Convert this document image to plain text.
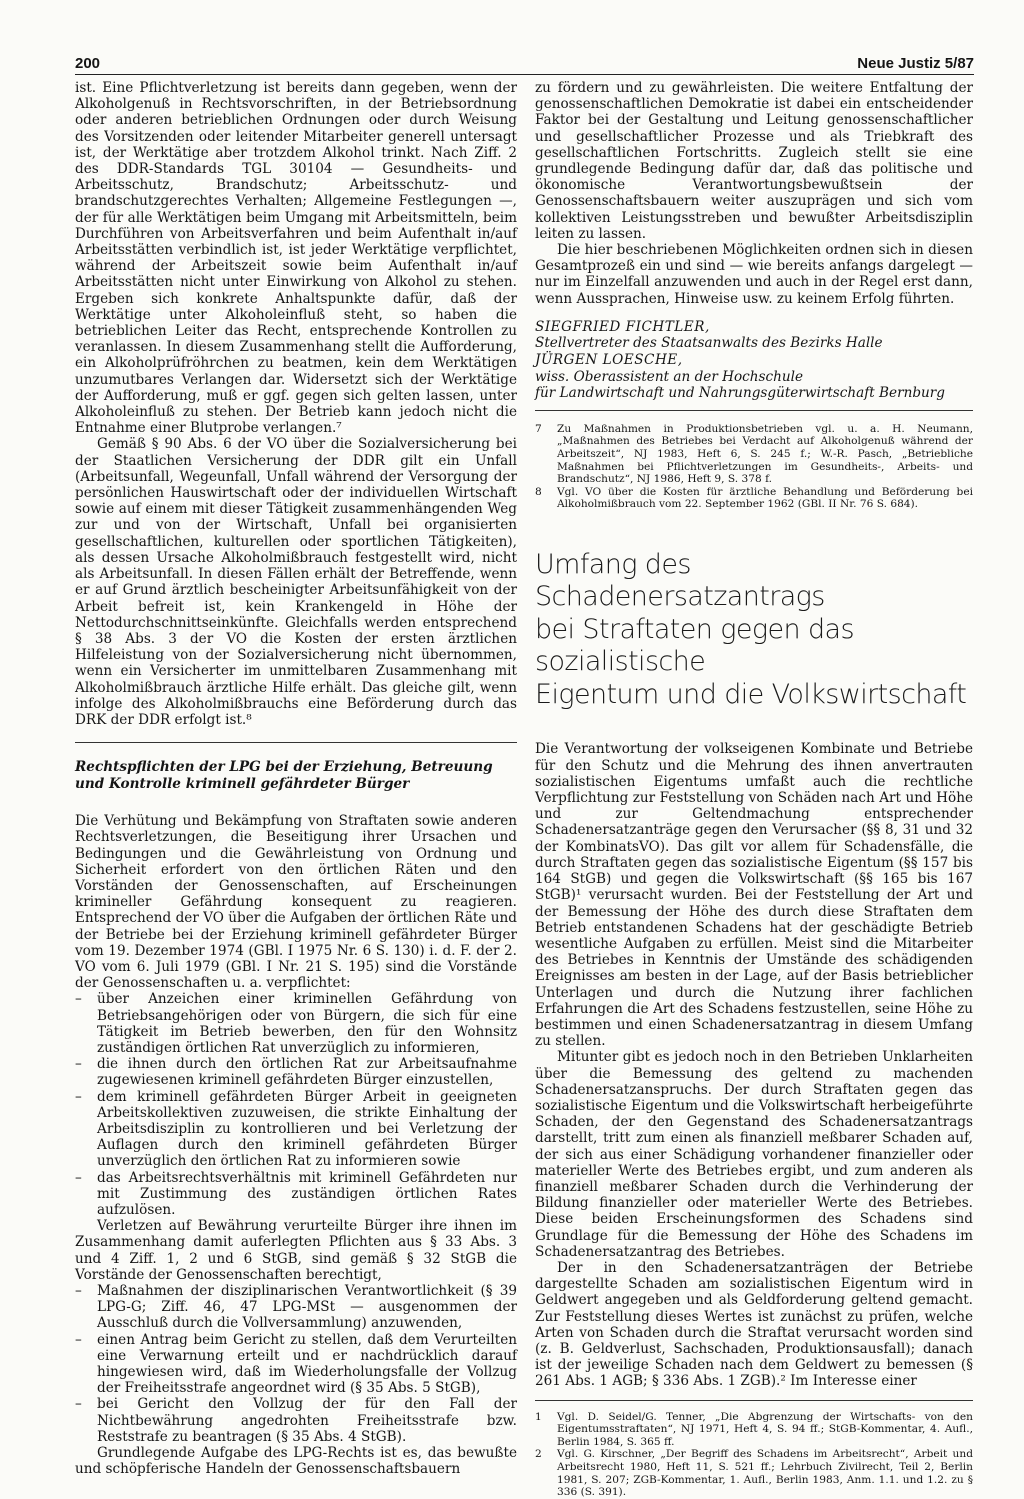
200	Neue Justiz 5/87

ist. Eine Pflichtverletzung ist bereits dann gegeben, wenn der Alkoholgenuß in Rechtsvorschriften, in der Betriebsordnung oder anderen betrieblichen Ordnungen oder durch Weisung des Vorsitzenden oder leitender Mitarbeiter generell untersagt ist, der Werktätige aber trotzdem Alkohol trinkt. Nach Ziff. 2 des DDR-Standards TGL 30104 — Gesundheits- und Arbeitsschutz, Brandschutz; Arbeitsschutz- und brandschutzgerechtes Verhalten; Allgemeine Festlegungen —, der für alle Werktätigen beim Umgang mit Arbeitsmitteln, beim Durchführen von Arbeitsverfahren und beim Aufenthalt in/auf Arbeitsstätten verbindlich ist, ist jeder Werktätige verpflichtet, während der Arbeitszeit sowie beim Aufenthalt in/auf Arbeitsstätten nicht unter Einwirkung von Alkohol zu stehen. Ergeben sich konkrete Anhaltspunkte dafür, daß der Werktätige unter Alkoholeinfluß steht, so haben die betrieblichen Leiter das Recht, entsprechende Kontrollen zu veranlassen. In diesem Zusammenhang stellt die Aufforderung, ein Alkoholprüfröhrchen zu beatmen, kein dem Werktätigen unzumutbares Verlangen dar. Widersetzt sich der Werktätige der Aufforderung, muß er ggf. gegen sich gelten lassen, unter Alkoholeinfluß zu stehen. Der Betrieb kann jedoch nicht die Entnahme einer Blutprobe verlangen.⁷

Gemäß § 90 Abs. 6 der VO über die Sozialversicherung bei der Staatlichen Versicherung der DDR gilt ein Unfall (Arbeitsunfall, Wegeunfall, Unfall während der Versorgung der persönlichen Hauswirtschaft oder der individuellen Wirtschaft sowie auf einem mit dieser Tätigkeit zusammenhängenden Weg zur und von der Wirtschaft, Unfall bei organisierten gesellschaftlichen, kulturellen oder sportlichen Tätigkeiten), als dessen Ursache Alkoholmißbrauch festgestellt wird, nicht als Arbeitsunfall. In diesen Fällen erhält der Betreffende, wenn er auf Grund ärztlich bescheinigter Arbeitsunfähigkeit von der Arbeit befreit ist, kein Krankengeld in Höhe der Nettodurchschnittseinkünfte. Gleichfalls werden entsprechend § 38 Abs. 3 der VO die Kosten der ersten ärztlichen Hilfeleistung von der Sozialversicherung nicht übernommen, wenn ein Versicherter im unmittelbaren Zusammenhang mit Alkoholmißbrauch ärztliche Hilfe erhält. Das gleiche gilt, wenn infolge des Alkoholmißbrauchs eine Beförderung durch das DRK der DDR erfolgt ist.⁸

Rechtspflichten der LPG bei der Erziehung, Betreuung und Kontrolle kriminell gefährdeter Bürger

Die Verhütung und Bekämpfung von Straftaten sowie anderen Rechtsverletzungen, die Beseitigung ihrer Ursachen und Bedingungen und die Gewährleistung von Ordnung und Sicherheit erfordert von den örtlichen Räten und den Vorständen der Genossenschaften, auf Erscheinungen krimineller Gefährdung konsequent zu reagieren. Entsprechend der VO über die Aufgaben der örtlichen Räte und der Betriebe bei der Erziehung kriminell gefährdeter Bürger vom 19. Dezember 1974 (GBl. I 1975 Nr. 6 S. 130) i. d. F. der 2. VO vom 6. Juli 1979 (GBl. I Nr. 21 S. 195) sind die Vorstände der Genossenschaften u. a. verpflichtet:

– über Anzeichen einer kriminellen Gefährdung von Betriebsangehörigen oder von Bürgern, die sich für eine Tätigkeit im Betrieb bewerben, den für den Wohnsitz zuständigen örtlichen Rat unverzüglich zu informieren,
– die ihnen durch den örtlichen Rat zur Arbeitsaufnahme zugewiesenen kriminell gefährdeten Bürger einzustellen,
– dem kriminell gefährdeten Bürger Arbeit in geeigneten Arbeitskollektiven zuzuweisen, die strikte Einhaltung der Arbeitsdisziplin zu kontrollieren und bei Verletzung der Auflagen durch den kriminell gefährdeten Bürger unverzüglich den örtlichen Rat zu informieren sowie
– das Arbeitsrechtsverhältnis mit kriminell Gefährdeten nur mit Zustimmung des zuständigen örtlichen Rates aufzulösen.

Verletzen auf Bewährung verurteilte Bürger ihre ihnen im Zusammenhang damit auferlegten Pflichten aus § 33 Abs. 3 und 4 Ziff. 1, 2 und 6 StGB, sind gemäß § 32 StGB die Vorstände der Genossenschaften berechtigt,

– Maßnahmen der disziplinarischen Verantwortlichkeit (§ 39 LPG-G; Ziff. 46, 47 LPG-MSt — ausgenommen der Ausschluß durch die Vollversammlung) anzuwenden,
– einen Antrag beim Gericht zu stellen, daß dem Verurteilten eine Verwarnung erteilt und er nachdrücklich darauf hingewiesen wird, daß im Wiederholungsfalle der Vollzug der Freiheitsstrafe angeordnet wird (§ 35 Abs. 5 StGB),
– bei Gericht den Vollzug der für den Fall der Nichtbewährung angedrohten Freiheitsstrafe bzw. Reststrafe zu beantragen (§ 35 Abs. 4 StGB).

Grundlegende Aufgabe des LPG-Rechts ist es, das bewußte und schöpferische Handeln der Genossenschaftsbauern

zu fördern und zu gewährleisten. Die weitere Entfaltung der genossenschaftlichen Demokratie ist dabei ein entscheidender Faktor bei der Gestaltung und Leitung genossenschaftlicher und gesellschaftlicher Prozesse und als Triebkraft des gesellschaftlichen Fortschritts. Zugleich stellt sie eine grundlegende Bedingung dafür dar, daß das politische und ökonomische Verantwortungsbewußtsein der Genossenschaftsbauern weiter auszuprägen und sich vom kollektiven Leistungsstreben und bewußter Arbeitsdisziplin leiten zu lassen.

Die hier beschriebenen Möglichkeiten ordnen sich in diesen Gesamtprozeß ein und sind — wie bereits anfangs dargelegt — nur im Einzelfall anzuwenden und auch in der Regel erst dann, wenn Aussprachen, Hinweise usw. zu keinem Erfolg führten.

SIEGFRIED FICHTLER,
Stellvertreter des Staatsanwalts des Bezirks Halle
JÜRGEN LOESCHE,
wiss. Oberassistent an der Hochschule
für Landwirtschaft und Nahrungsgüterwirtschaft Bernburg
7	Zu Maßnahmen in Produktionsbetrieben vgl. u. a. H. Neumann, „Maßnahmen des Betriebes bei Verdacht auf Alkoholgenuß während der Arbeitszeit“, NJ 1983, Heft 6, S. 245 f.; W.-R. Pasch, „Betriebliche Maßnahmen bei Pflichtverletzungen im Gesundheits-, Arbeits- und Brandschutz“, NJ 1986, Heft 9, S. 378 f.
8	Vgl. VO über die Kosten für ärztliche Behandlung und Beförderung bei Alkoholmißbrauch vom 22. September 1962 (GBl. II Nr. 76 S. 684).
Umfang des Schadenersatzantrags
bei Straftaten gegen das sozialistische
Eigentum und die Volkswirtschaft

Die Verantwortung der volkseigenen Kombinate und Betriebe für den Schutz und die Mehrung des ihnen anvertrauten sozialistischen Eigentums umfaßt auch die rechtliche Verpflichtung zur Feststellung von Schäden nach Art und Höhe und zur Geltendmachung entsprechender Schadenersatzanträge gegen den Verursacher (§§ 8, 31 und 32 der KombinatsVO). Das gilt vor allem für Schadensfälle, die durch Straftaten gegen das sozialistische Eigentum (§§ 157 bis 164 StGB) und gegen die Volkswirtschaft (§§ 165 bis 167 StGB)¹ verursacht wurden. Bei der Feststellung der Art und der Bemessung der Höhe des durch diese Straftaten dem Betrieb entstandenen Schadens hat der geschädigte Betrieb wesentliche Aufgaben zu erfüllen. Meist sind die Mitarbeiter des Betriebes in Kenntnis der Umstände des schädigenden Ereignisses am besten in der Lage, auf der Basis betrieblicher Unterlagen und durch die Nutzung ihrer fachlichen Erfahrungen die Art des Schadens festzustellen, seine Höhe zu bestimmen und einen Schadenersatzantrag in diesem Umfang zu stellen.

Mitunter gibt es jedoch noch in den Betrieben Unklarheiten über die Bemessung des geltend zu machenden Schadenersatzanspruchs. Der durch Straftaten gegen das sozialistische Eigentum und die Volkswirtschaft herbeigeführte Schaden, der den Gegenstand des Schadenersatzantrags darstellt, tritt zum einen als finanziell meßbarer Schaden auf, der sich aus einer Schädigung vorhandener finanzieller oder materieller Werte des Betriebes ergibt, und zum anderen als finanziell meßbarer Schaden durch die Verhinderung der Bildung finanzieller oder materieller Werte des Betriebes. Diese beiden Erscheinungsformen des Schadens sind Grundlage für die Bemessung der Höhe des Schadens im Schadenersatzantrag des Betriebes.

Der in den Schadenersatzanträgen der Betriebe dargestellte Schaden am sozialistischen Eigentum wird in Geldwert angegeben und als Geldforderung geltend gemacht. Zur Feststellung dieses Wertes ist zunächst zu prüfen, welche Arten von Schaden durch die Straftat verursacht worden sind (z. B. Geldverlust, Sachschaden, Produktionsausfall); danach ist der jeweilige Schaden nach dem Geldwert zu bemessen (§ 261 Abs. 1 AGB; § 336 Abs. 1 ZGB).² Im Interesse einer

1	Vgl. D. Seidel/G. Tenner, „Die Abgrenzung der Wirtschafts- von den Eigentumsstraftaten“, NJ 1971, Heft 4, S. 94 ff.; StGB-Kommentar, 4. Aufl., Berlin 1984, S. 365 ff.
2	Vgl. G. Kirschner, „Der Begriff des Schadens im Arbeitsrecht“, Arbeit und Arbeitsrecht 1980, Heft 11, S. 521 ff.; Lehrbuch Zivilrecht, Teil 2, Berlin 1981, S. 207; ZGB-Kommentar, 1. Aufl., Berlin 1983, Anm. 1.1. und 1.2. zu § 336 (S. 391).
